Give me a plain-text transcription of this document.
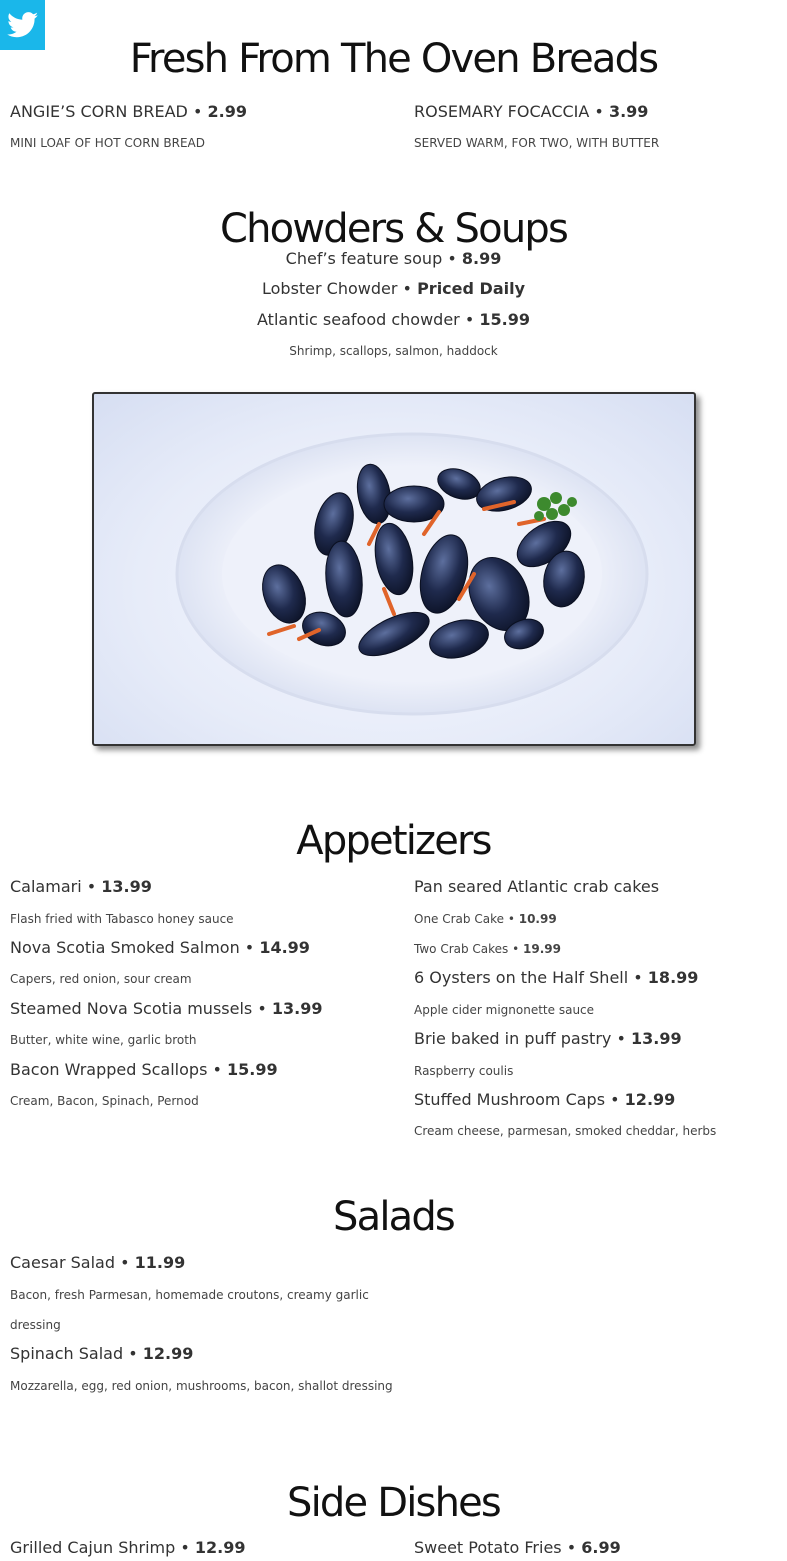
Fresh From The Oven Breads
ANGIE’S CORN BREAD • 2.99
MINI LOAF OF HOT CORN BREAD
ROSEMARY FOCACCIA • 3.99
SERVED WARM, FOR TWO, WITH BUTTER
Chowders & Soups
Chef’s feature soup • 8.99
Lobster Chowder • Priced Daily
Atlantic seafood chowder • 15.99
Shrimp, scallops, salmon, haddock
Appetizers
Calamari • 13.99
Flash fried with Tabasco honey sauce
Nova Scotia Smoked Salmon • 14.99
Capers, red onion, sour cream
Steamed Nova Scotia mussels • 13.99
Butter, white wine, garlic broth
Bacon Wrapped Scallops • 15.99
Cream, Bacon, Spinach, Pernod
Pan seared Atlantic crab cakes
One Crab Cake • 10.99
Two Crab Cakes • 19.99
6 Oysters on the Half Shell • 18.99
Apple cider mignonette sauce
Brie baked in puff pastry • 13.99
Raspberry coulis
Stuffed Mushroom Caps • 12.99
Cream cheese, parmesan, smoked cheddar, herbs
Salads
Caesar Salad • 11.99
Bacon, fresh Parmesan, homemade croutons, creamy garlic
dressing
Spinach Salad • 12.99
Mozzarella, egg, red onion, mushrooms, bacon, shallot dressing
Side Dishes
Grilled Cajun Shrimp • 12.99	Sweet Potato Fries • 6.99
